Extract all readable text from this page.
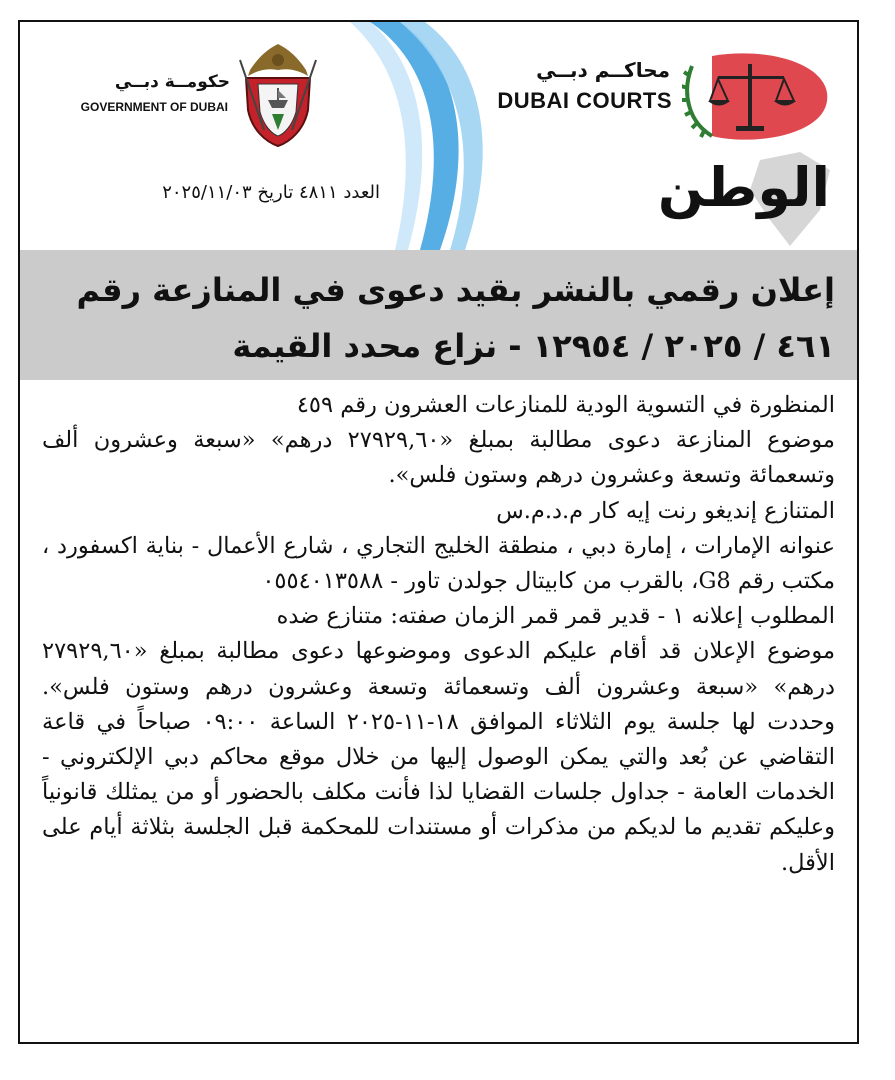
حكومــة دبــي
GOVERNMENT OF DUBAI
محاكــم دبــي
DUBAI COURTS
العدد ٤٨١١ تاريخ ٢٠٢٥/١١/٠٣	الوطن
إعلان رقمي بالنشر بقيد دعوى في المنازعة رقم
٤٦١ / ٢٠٢٥ / ١٢٩٥٤ - نزاع محدد القيمة

المنظورة في التسوية الودية للمنازعات العشرون رقم ٤٥٩

موضوع المنازعة دعوى مطالبة بمبلغ «٢٧٩٢٩,٦٠ درهم» «سبعة وعشرون ألف وتسعمائة وتسعة وعشرون درهم وستون فلس».

المتنازع إنديغو رنت إيه كار م.د.م.س

عنوانه الإمارات ، إمارة دبي ، منطقة الخليج التجاري ، شارع الأعمال - بناية اكسفورد ، مكتب رقم G8، بالقرب من كابيتال جولدن تاور - ٠٥٥٤٠١٣٥٨٨

المطلوب إعلانه ١ - قدير قمر قمر الزمان صفته: متنازع ضده

موضوع الإعلان قد أقام عليكم الدعوى وموضوعها دعوى مطالبة بمبلغ «٢٧٩٢٩,٦٠ درهم» «سبعة وعشرون ألف وتسعمائة وتسعة وعشرون درهم وستون فلس». وحددت لها جلسة يوم الثلاثاء الموافق ١٨-١١-٢٠٢٥ الساعة ٠٩:٠٠ صباحاً في قاعة التقاضي عن بُعد والتي يمكن الوصول إليها من خلال موقع محاكم دبي الإلكتروني - الخدمات العامة - جداول جلسات القضايا لذا فأنت مكلف بالحضور أو من يمثلك قانونياً وعليكم تقديم ما لديكم من مذكرات أو مستندات للمحكمة قبل الجلسة بثلاثة أيام على الأقل.
